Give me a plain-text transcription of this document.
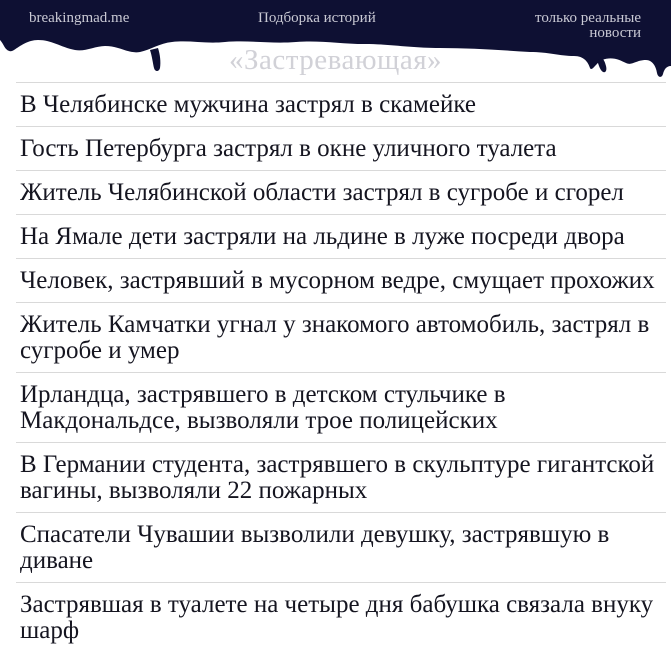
breakingmad.me	Подборка историй	только реальные
новости
«Застревающая»
В Челябинске мужчина застрял в скамейке
Гость Петербурга застрял в окне уличного туалета
Житель Челябинской области застрял в сугробе и сгорел
На Ямале дети застряли на льдине в луже посреди двора
Человек, застрявший в мусорном ведре, смущает прохожих
Житель Камчатки угнал у знакомого автомобиль, застрял в сугробе и умер
Ирландца, застрявшего в детском стульчике в Макдональдсе, вызволяли трое полицейских
В Германии студента, застрявшего в скульптуре гигантской вагины, вызволяли 22 пожарных
Спасатели Чувашии вызволили девушку, застрявшую в диване
Застрявшая в туалете на четыре дня бабушка связала внуку шарф
